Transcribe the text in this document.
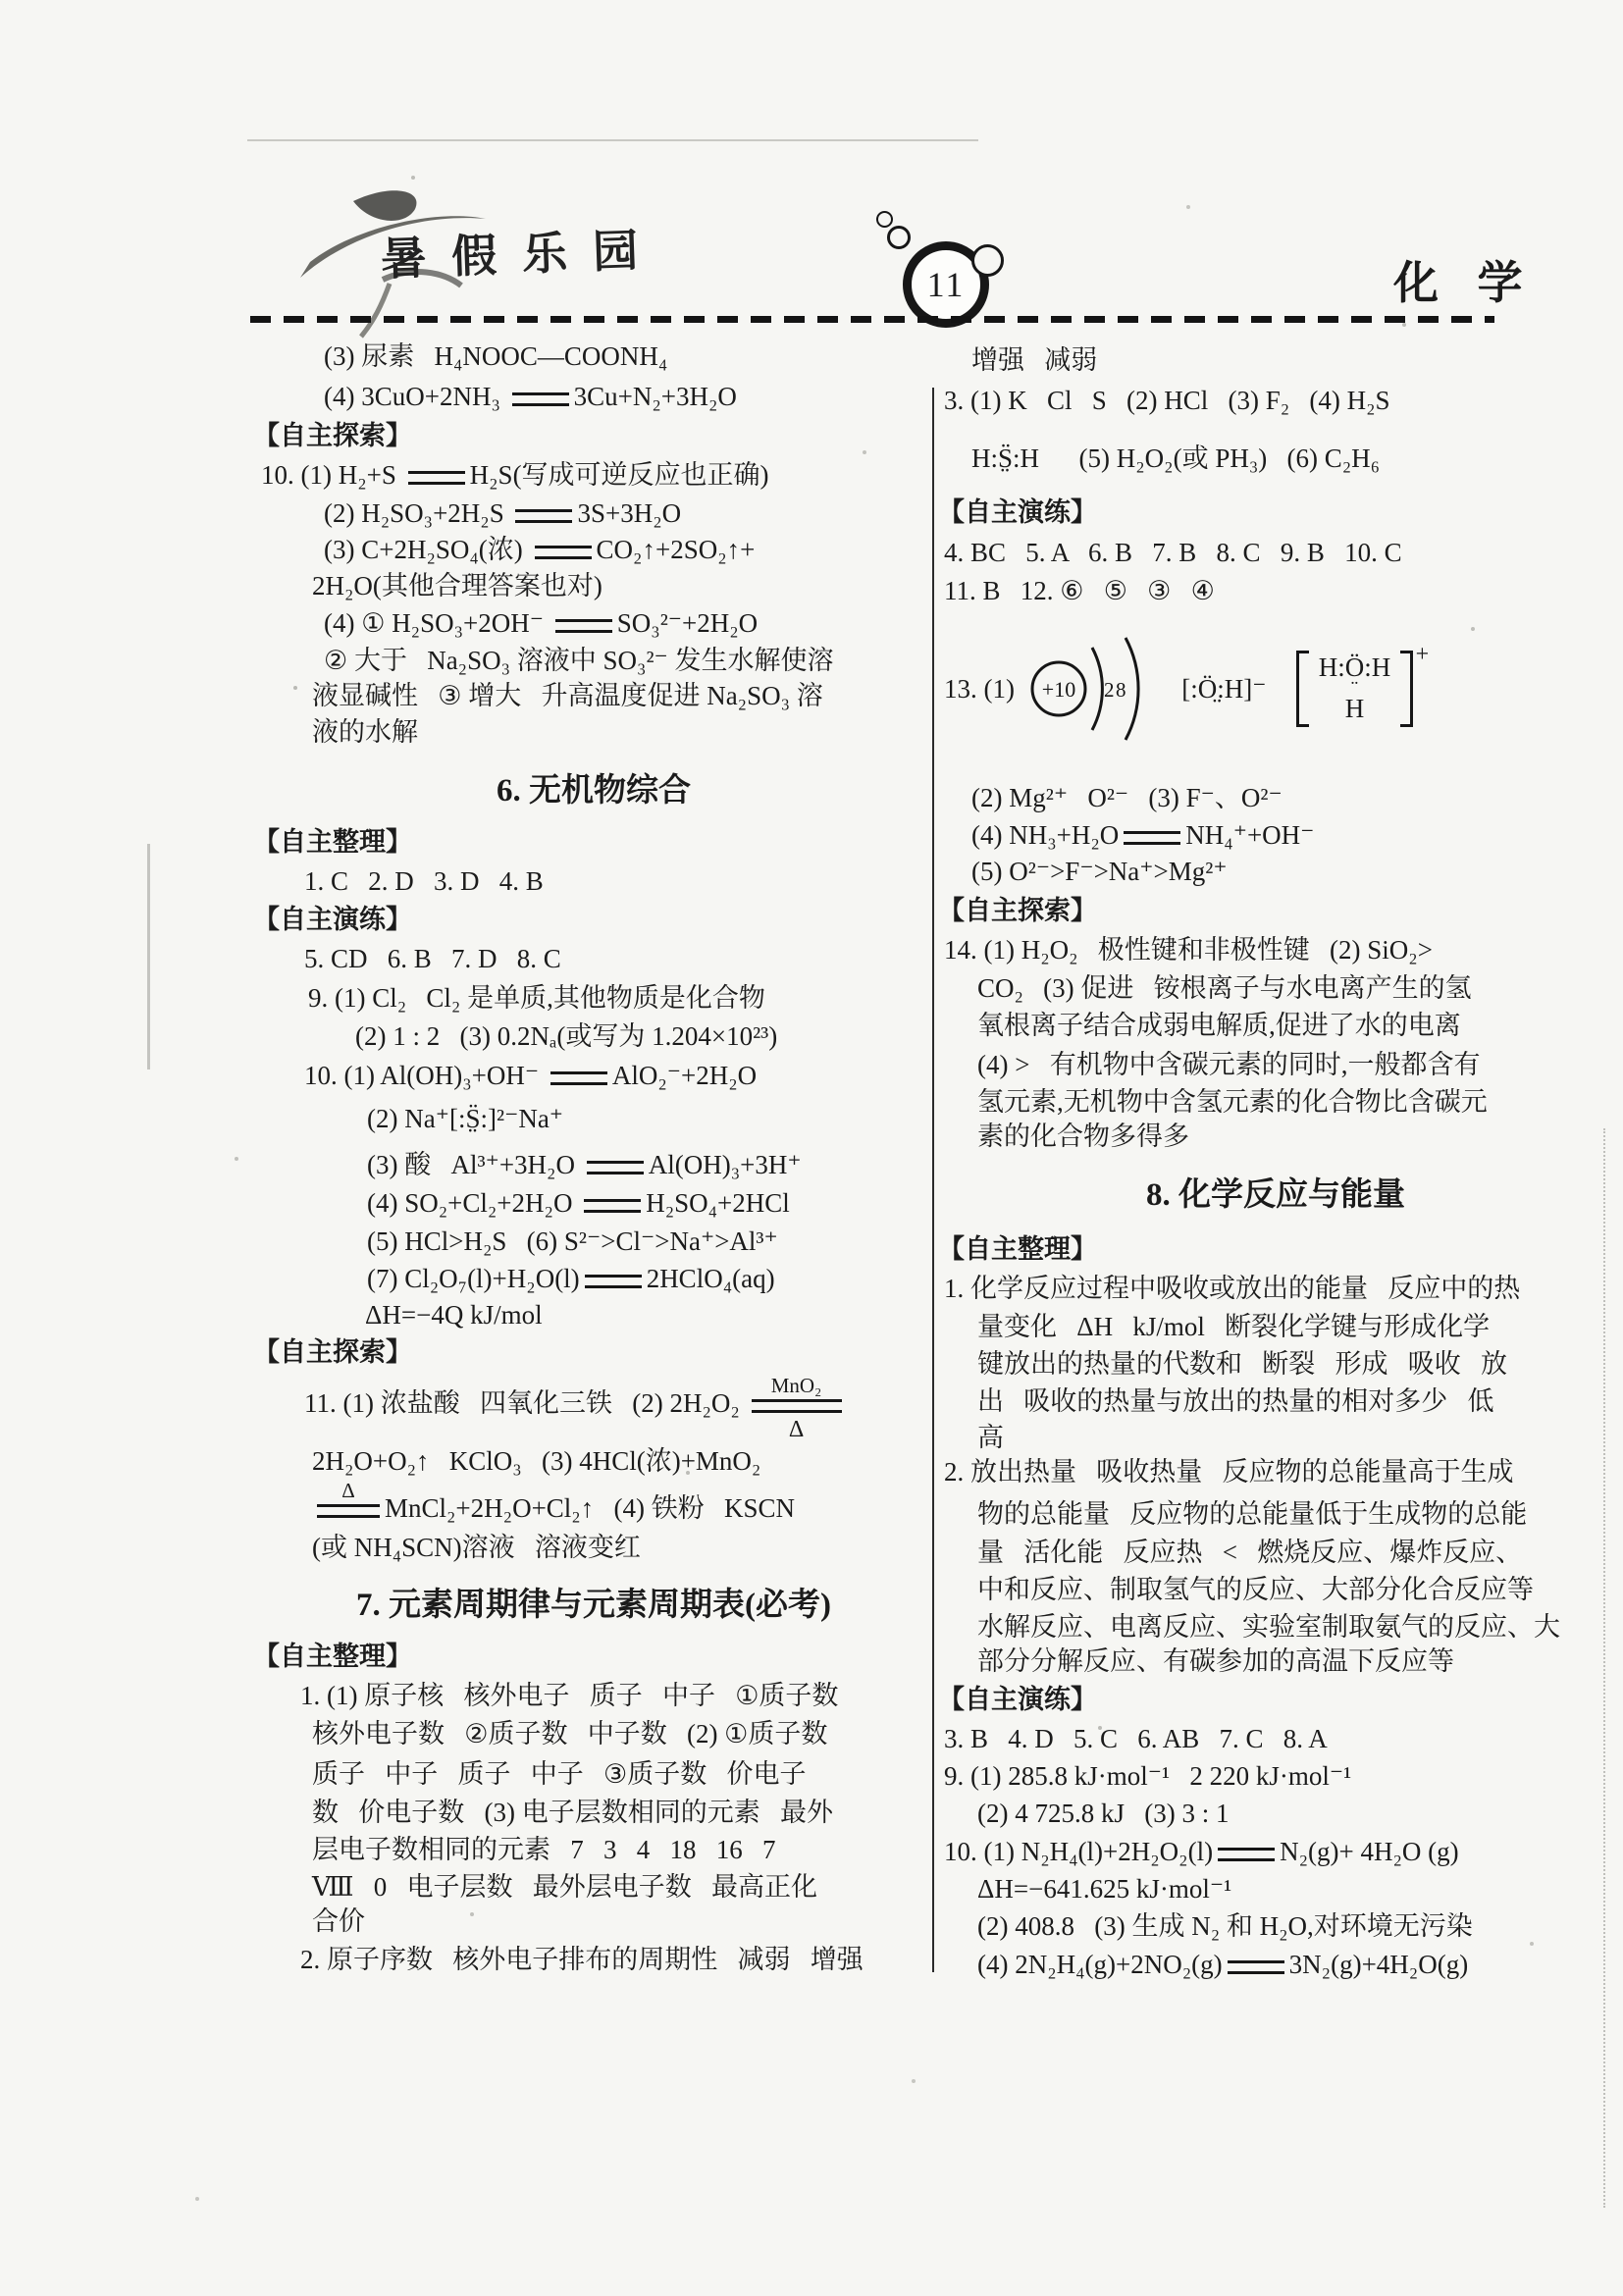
暑假乐园	11	化 学
(3) 尿素   H₄NOOC—COONH₄
(4) 3CuO+2NH₃	3Cu+N₂+3H₂O
【自主探索】
10. (1) H₂+S	H₂S(写成可逆反应也正确)
(2) H₂SO₃+2H₂S	3S+3H₂O
(3) C+2H₂SO₄(浓)	CO₂↑+2SO₂↑+
2H₂O(其他合理答案也对)
(4) ① H₂SO₃+2OH⁻	SO₃²⁻+2H₂O
② 大于   Na₂SO₃ 溶液中 SO₃²⁻ 发生水解使溶
液显碱性   ③ 增大   升高温度促进 Na₂SO₃ 溶
液的水解
6. 无机物综合
【自主整理】
1. C   2. D   3. D   4. B
【自主演练】
5. CD   6. B   7. D   8. C
9. (1) Cl₂   Cl₂ 是单质,其他物质是化合物
(2) 1 : 2   (3) 0.2Nₐ(或写为 1.204×10²³)
10. (1) Al(OH)₃+OH⁻	AlO₂⁻+2H₂O
(2) Na⁺[:S̤̈:]²⁻Na⁺
(3) 酸   Al³⁺+3H₂O	Al(OH)₃+3H⁺
(4) SO₂+Cl₂+2H₂O	H₂SO₄+2HCl
(5) HCl>H₂S   (6) S²⁻>Cl⁻>Na⁺>Al³⁺
(7) Cl₂O₇(l)+H₂O(l)	2HClO₄(aq)
ΔH=−4Q kJ/mol
【自主探索】
11. (1) 浓盐酸   四氧化三铁   (2) 2H₂O₂
MnO₂
Δ
2H₂O+O₂↑   KClO₃   (3) 4HCl(浓)+MnO₂
Δ
MnCl₂+2H₂O+Cl₂↑   (4) 铁粉   KSCN
(或 NH₄SCN)溶液   溶液变红
7. 元素周期律与元素周期表(必考)
【自主整理】
1. (1) 原子核   核外电子   质子   中子   ①质子数
核外电子数   ②质子数   中子数   (2) ①质子数
质子   中子   质子   中子   ③质子数   价电子
数   价电子数   (3) 电子层数相同的元素   最外
层电子数相同的元素   7   3   4   18   16   7
Ⅷ   0   电子层数   最外层电子数   最高正化
合价
2. 原子序数   核外电子排布的周期性   减弱   增强
增强   减弱
3. (1) K   Cl   S   (2) HCl   (3) F₂   (4) H₂S
H:S̤̈:H      (5) H₂O₂(或 PH₃)   (6) C₂H₆
【自主演练】
4. BC   5. A   6. B   7. B   8. C   9. B   10. C
11. B   12. ⑥   ⑤   ③   ④
13. (1) +10 2 8 [:Ö̤:H]⁻
H:Ö:H
¨
H
+
(2) Mg²⁺   O²⁻   (3) F⁻、O²⁻
(4) NH₃+H₂O	NH₄⁺+OH⁻
(5) O²⁻>F⁻>Na⁺>Mg²⁺
【自主探索】
14. (1) H₂O₂   极性键和非极性键   (2) SiO₂>
CO₂   (3) 促进   铵根离子与水电离产生的氢
氧根离子结合成弱电解质,促进了水的电离
(4) >   有机物中含碳元素的同时,一般都含有
氢元素,无机物中含氢元素的化合物比含碳元
素的化合物多得多
8. 化学反应与能量
【自主整理】
1. 化学反应过程中吸收或放出的能量   反应中的热
量变化   ΔH   kJ/mol   断裂化学键与形成化学
键放出的热量的代数和   断裂   形成   吸收   放
出   吸收的热量与放出的热量的相对多少   低
高
2. 放出热量   吸收热量   反应物的总能量高于生成
物的总能量   反应物的总能量低于生成物的总能
量   活化能   反应热   <   燃烧反应、爆炸反应、
中和反应、制取氢气的反应、大部分化合反应等
水解反应、电离反应、实验室制取氨气的反应、大
部分分解反应、有碳参加的高温下反应等
【自主演练】
3. B   4. D   5. C   6. AB   7. C   8. A
9. (1) 285.8 kJ·mol⁻¹   2 220 kJ·mol⁻¹
(2) 4 725.8 kJ   (3) 3 : 1
10. (1) N₂H₄(l)+2H₂O₂(l)	N₂(g)+ 4H₂O (g)
ΔH=−641.625 kJ·mol⁻¹
(2) 408.8   (3) 生成 N₂ 和 H₂O,对环境无污染
(4) 2N₂H₄(g)+2NO₂(g)	3N₂(g)+4H₂O(g)
